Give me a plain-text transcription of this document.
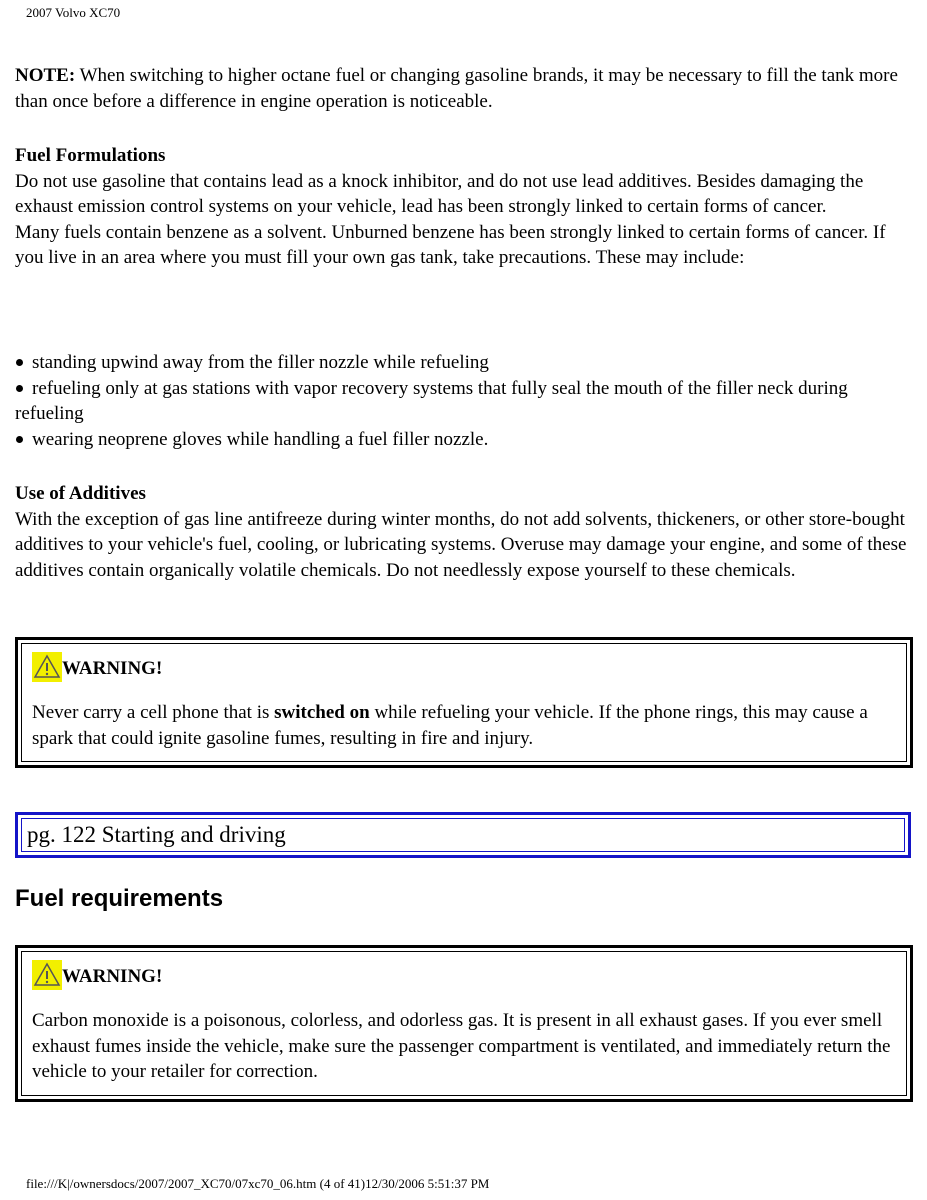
2007 Volvo XC70
NOTE: When switching to higher octane fuel or changing gasoline brands, it may be necessary to fill the tank more than once before a difference in engine operation is noticeable.
Fuel Formulations
Do not use gasoline that contains lead as a knock inhibitor, and do not use lead additives. Besides damaging the exhaust emission control systems on your vehicle, lead has been strongly linked to certain forms of cancer.
Many fuels contain benzene as a solvent. Unburned benzene has been strongly linked to certain forms of cancer. If you live in an area where you must fill your own gas tank, take precautions. These may include:
standing upwind away from the filler nozzle while refueling
refueling only at gas stations with vapor recovery systems that fully seal the mouth of the filler neck during refueling
wearing neoprene gloves while handling a fuel filler nozzle.
Use of Additives
With the exception of gas line antifreeze during winter months, do not add solvents, thickeners, or other store-bought additives to your vehicle's fuel, cooling, or lubricating systems. Overuse may damage your engine, and some of these additives contain organically volatile chemicals. Do not needlessly expose yourself to these chemicals.
WARNING!
Never carry a cell phone that is switched on while refueling your vehicle. If the phone rings, this may cause a spark that could ignite gasoline fumes, resulting in fire and injury.
pg. 122 Starting and driving
Fuel requirements
WARNING!
Carbon monoxide is a poisonous, colorless, and odorless gas. It is present in all exhaust gases. If you ever smell exhaust fumes inside the vehicle, make sure the passenger compartment is ventilated, and immediately return the vehicle to your retailer for correction.
file:///K|/ownersdocs/2007/2007_XC70/07xc70_06.htm (4 of 41)12/30/2006 5:51:37 PM
